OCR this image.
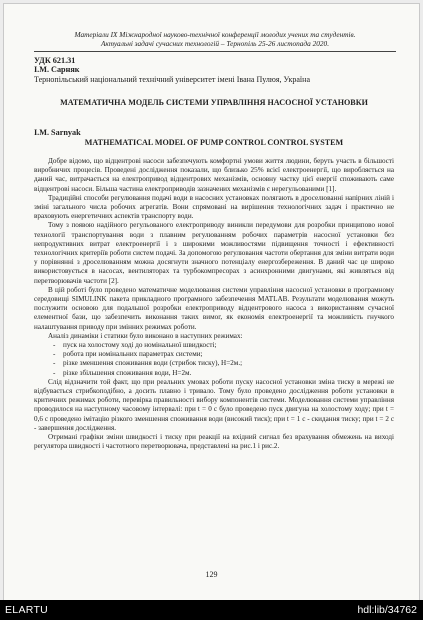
Матеріали IX Міжнародної науково-технічної конференції молодих учених та студентів.
Актуальні задачі сучасних технологій – Тернопіль 25-26 листопада 2020.
УДК 621.31
І.М. Сарняк
Тернопільський національний технічний університет імені Івана Пулюя, Україна
МАТЕМАТИЧНА МОДЕЛЬ СИСТЕМИ УПРАВЛІННЯ НАСОСНОЇ УСТАНОВКИ
I.M. Sarnyak
MATHEMATICAL MODEL OF PUMP CONTROL CONTROL SYSTEM

Добре відомо, що відцентрові насоси забезпечують комфортні умови життя людини, беруть участь в більшості виробничих процесів. Проведені дослідження показали, що близько 25% всієї електроенергії, що виробляється на даний час, витрачається на електропривод відцентрових механізмів, основну частку цієї енергії споживають саме відцентрові насоси. Більша частина електроприводів зазначених механізмів є нерегульованими [1].

Традиційні способи регулювання подачі води в насосних установках полягають в дроселюванні напірних ліній і зміні загального числа робочих агрегатів. Вони спрямовані на вирішення технологічних задач і практично не враховують енергетичних аспектів транспорту води.

Тому з появою надійного регульованого електроприводу виникли передумови для розробки принципово нової технології транспортування води з плавним регулюванням робочих параметрів насосної установки без непродуктивних витрат електроенергії і з широкими можливостями підвищення точності і ефективності технологічних критеріїв роботи систем подачі. За допомогою регулювання частоти обертання для зміни витрати води у порівнянні з дроселюванням можна досягнути значного потенціалу енергозбереження. В даний час це широко використовується в насосах, вентиляторах та турбокомпресорах з асинхронними двигунами, які живляться від перетворювачів частоти [2].

В цій роботі було проведено математичне моделювання системи управління насосної установки в програмному середовищі SIMULINK пакета прикладного програмного забезпечення MATLAB. Результати моделювання можуть послужити основою для подальшої розробки електроприводу відцентрового насоса з використанням сучасної елементної бази, що забезпечить виконання таких вимог, як економія електроенергії та можливість гнучкого налаштування приводу при змінних режимах роботи.

Аналіз динаміки і статики було виконано в наступних режимах:

- пуск на холостому ході до номінальної швидкості;
- робота при номінальних параметрах системи;
- різке зменшення споживання води (стрибок тиску), H=2м.;
- різке збільшення споживання води, H=2м.

Слід відзначити той факт, що при реальних умовах роботи пуску насосної установки зміна тиску в мережі не відбувається стрибкоподібно, а досить плавно і тривало. Тому було проведено дослідження роботи установки в критичних режимах роботи, перевірка правильності вибору компонентів системи. Моделювання системи управління проводилося на наступному часовому інтервалі: при t = 0 с було проведено пуск двигуна на холостому ходу; при t = 0,6 с проведено імітацію різкого зменшення споживання води (високий тиск); при t = 1 с - скидання тиску; при t = 2 с - завершення дослідження.

Отримані графіки зміни швидкості і тиску при реакції на вхідний сигнал без врахування обмежень на виході регулятора швидкості і частотного перетворювача, представлені на рис.1 і рис.2.

129
ELARTU	hdl:lib/34762
